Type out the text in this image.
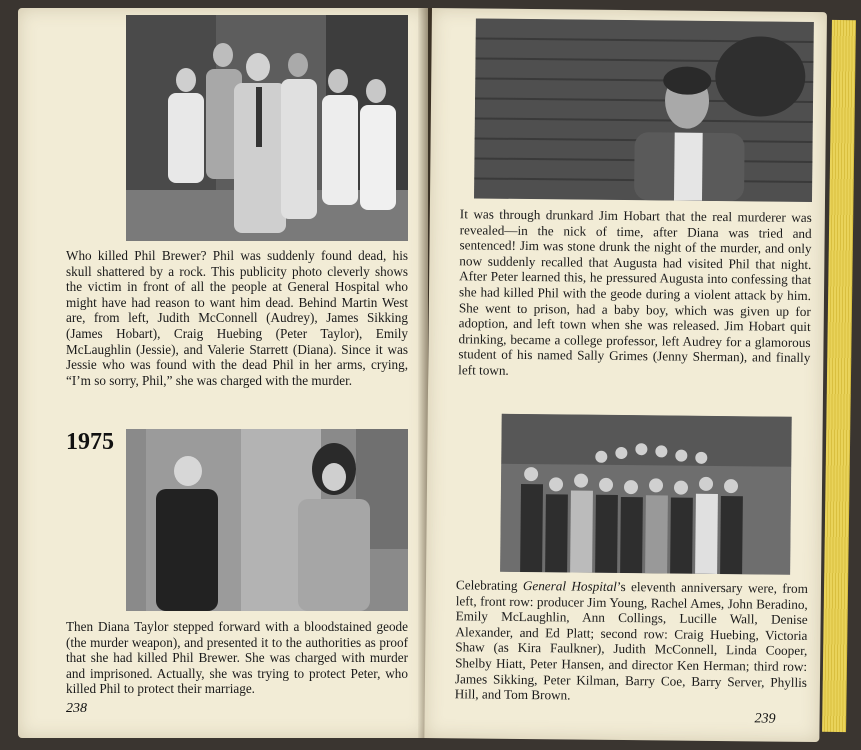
Who killed Phil Brewer? Phil was suddenly found dead, his skull shattered by a rock. This publicity photo cleverly shows the victim in front of all the people at General Hospital who might have had reason to want him dead. Behind Martin West are, from left, Judith McConnell (Audrey), James Sikking (James Hobart), Craig Huebing (Peter Taylor), Emily McLaughlin (Jessie), and Valerie Starrett (Diana). Since it was Jessie who was found with the dead Phil in her arms, crying, “I’m so sorry, Phil,” she was charged with the murder.
1975
Then Diana Taylor stepped forward with a bloodstained geode (the murder weapon), and presented it to the authorities as proof that she had killed Phil Brewer. She was charged with murder and imprisoned. Actually, she was trying to protect Peter, who killed Phil to protect their marriage.
238
It was through drunkard Jim Hobart that the real murderer was revealed—in the nick of time, after Diana was tried and sentenced! Jim was stone drunk the night of the murder, and only now suddenly recalled that Augusta had visited Phil that night. After Peter learned this, he pressured Augusta into confessing that she had killed Phil with the geode during a violent attack by him. She went to prison, had a baby boy, which was given up for adoption, and left town when she was released. Jim Hobart quit drinking, became a college professor, left Audrey for a glamorous student of his named Sally Grimes (Jenny Sherman), and finally left town.
Celebrating General Hospital’s eleventh anniversary were, from left, front row: producer Jim Young, Rachel Ames, John Beradino, Emily McLaughlin, Ann Collings, Lucille Wall, Denise Alexander, and Ed Platt; second row: Craig Huebing, Victoria Shaw (as Kira Faulkner), Judith McConnell, Linda Cooper, Shelby Hiatt, Peter Hansen, and director Ken Herman; third row: James Sikking, Peter Kilman, Barry Coe, Barry Server, Phyllis Hill, and Tom Brown.
239
